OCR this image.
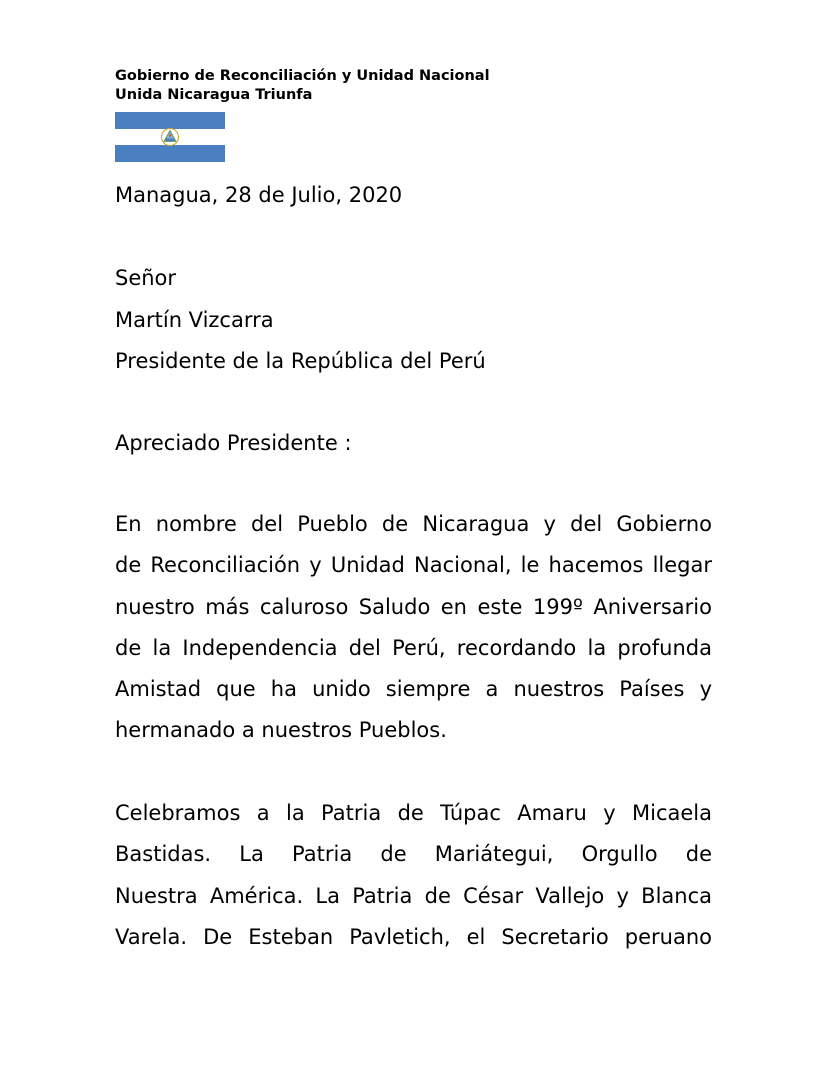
Gobierno de Reconciliación y Unidad Nacional
Unida Nicaragua Triunfa
Managua, 28 de Julio, 2020
Señor
Martín Vizcarra
Presidente de la República del Perú
Apreciado Presidente :
En nombre del Pueblo de Nicaragua y del Gobierno
de Reconciliación y Unidad Nacional, le hacemos llegar
nuestro más caluroso Saludo en este 199º Aniversario
de la Independencia del Perú, recordando la profunda
Amistad que ha unido siempre a nuestros Países y
hermanado a nuestros Pueblos.
Celebramos a la Patria de Túpac Amaru y Micaela
Bastidas. La Patria de Mariátegui, Orgullo de
Nuestra América. La Patria de César Vallejo y Blanca
Varela. De Esteban Pavletich, el Secretario peruano
